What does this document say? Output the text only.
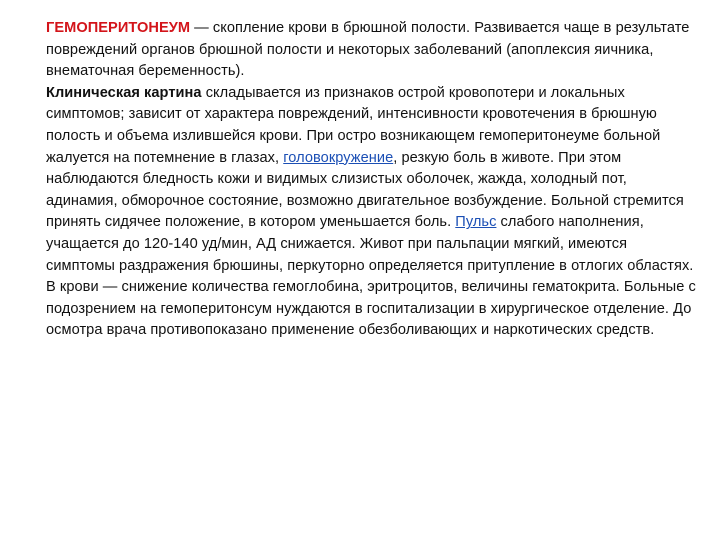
ГЕМОПЕРИТОНЕУМ — скопление крови в брюшной полости. Развивается чаще в результате повреждений органов брюшной полости и некоторых заболеваний (апоплексия яичника, внематочная беременность).

Клиническая картина складывается из признаков острой кровопотери и локальных симптомов; зависит от характера повреждений, интенсивности кровотечения в брюшную полость и объема излившейся крови. При остро возникающем гемоперитонеуме больной жалуется на потемнение в глазах, головокружение, резкую боль в животе. При этом наблюдаются бледность кожи и видимых слизистых оболочек, жажда, холодный пот, адинамия, обморочное состояние, возможно двигательное возбуждение. Больной стремится принять сидячее положение, в котором уменьшается боль. Пульс слабого наполнения, учащается до 120-140 уд/мин, АД снижается. Живот при пальпации мягкий, имеются симптомы раздражения брюшины, перкуторно определяется притупление в отлогих областях. В крови — снижение количества гемоглобина, эритроцитов, величины гематокрита. Больные с подозрением на гемоперитонсум нуждаются в госпитализации в хирургическое отделение. До осмотра врача противопоказано применение обезболивающих и наркотических средств.
